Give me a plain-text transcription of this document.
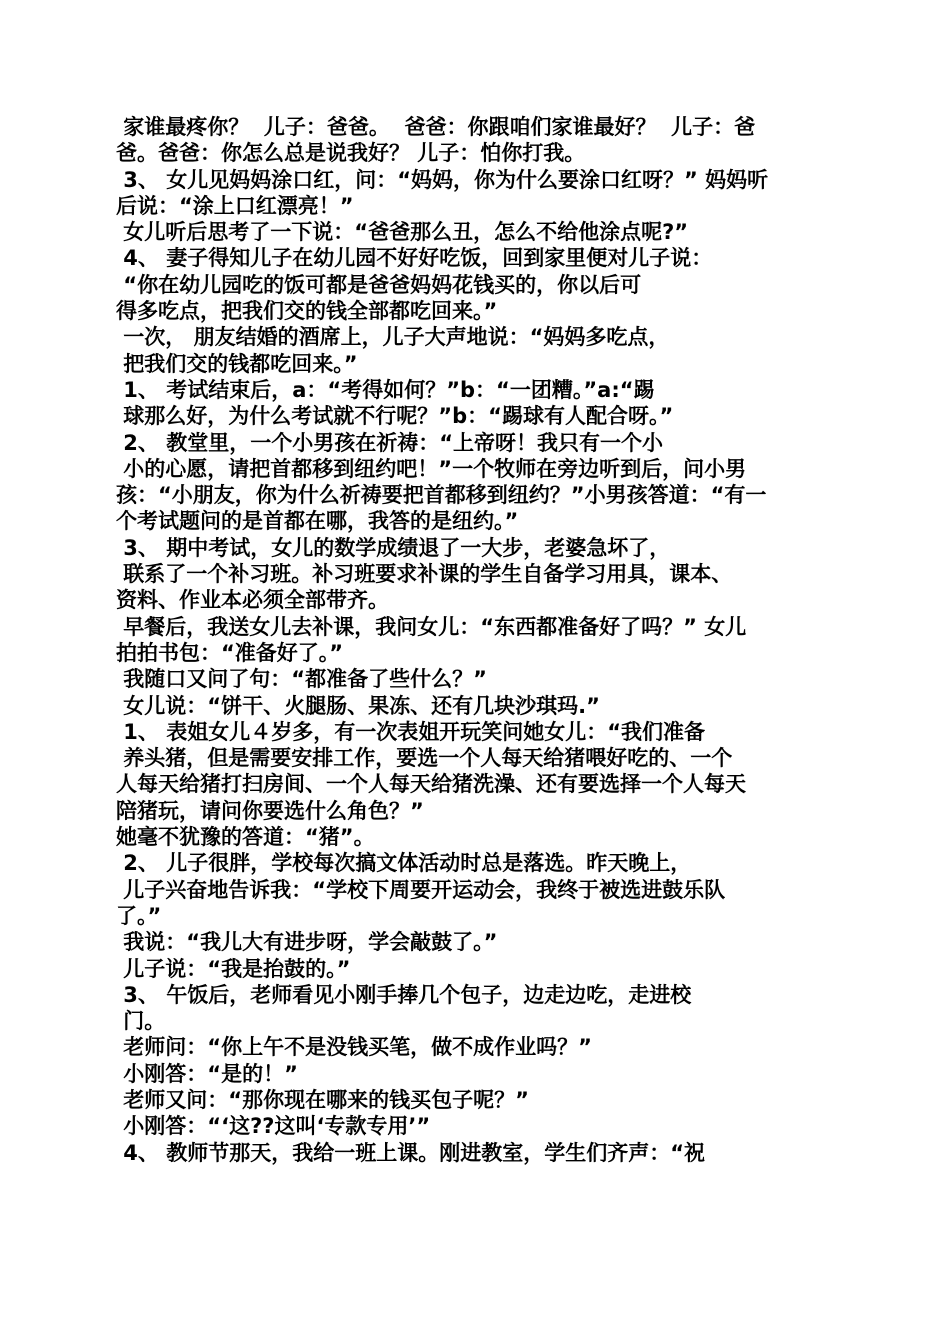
家谁最疼你？  儿子：爸爸。  爸爸：你跟咱们家谁最好？  儿子：爸
爸。爸爸：你怎么总是说我好？ 儿子：怕你打我。
3、 女儿见妈妈涂口红，问：“妈妈，你为什么要涂口红呀？” 妈妈听
后说：“涂上口红漂亮！”
女儿听后思考了一下说：“爸爸那么丑，怎么不给他涂点呢?”
4、 妻子得知儿子在幼儿园不好好吃饭，回到家里便对儿子说：
“你在幼儿园吃的饭可都是爸爸妈妈花钱买的，你以后可
得多吃点，把我们交的钱全部都吃回来。”
一次， 朋友结婚的酒席上，儿子大声地说：“妈妈多吃点，
把我们交的钱都吃回来。”
1、 考试结束后，a：“考得如何？”b：“一团糟。”a:“踢
球那么好，为什么考试就不行呢？”b：“踢球有人配合呀。”
2、 教堂里，一个小男孩在祈祷：“上帝呀！我只有一个小
小的心愿，请把首都移到纽约吧！”一个牧师在旁边听到后，问小男
孩：“小朋友，你为什么祈祷要把首都移到纽约？”小男孩答道：“有一
个考试题问的是首都在哪，我答的是纽约。”
3、 期中考试，女儿的数学成绩退了一大步，老婆急坏了，
联系了一个补习班。补习班要求补课的学生自备学习用具，课本、
资料、作业本必须全部带齐。
早餐后，我送女儿去补课，我问女儿：“东西都准备好了吗？” 女儿
拍拍书包：“准备好了。”
我随口又问了句：“都准备了些什么？”
女儿说：“饼干、火腿肠、果冻、还有几块沙琪玛.”
1、 表姐女儿４岁多，有一次表姐开玩笑问她女儿：“我们准备
养头猪，但是需要安排工作，要选一个人每天给猪喂好吃的、一个
人每天给猪打扫房间、一个人每天给猪洗澡、还有要选择一个人每天
陪猪玩，请问你要选什么角色？”
她毫不犹豫的答道：“猪”。
2、 儿子很胖，学校每次搞文体活动时总是落选。昨天晚上，
儿子兴奋地告诉我：“学校下周要开运动会，我终于被选进鼓乐队
了。”
我说：“我儿大有进步呀，学会敲鼓了。”
儿子说：“我是抬鼓的。”
3、 午饭后，老师看见小刚手捧几个包子，边走边吃，走进校
门。
老师问：“你上午不是没钱买笔，做不成作业吗？”
小刚答：“是的！”
老师又问：“那你现在哪来的钱买包子呢？”
小刚答：“‘这??这叫‘专款专用’”
4、 教师节那天，我给一班上课。刚进教室，学生们齐声：“祝
